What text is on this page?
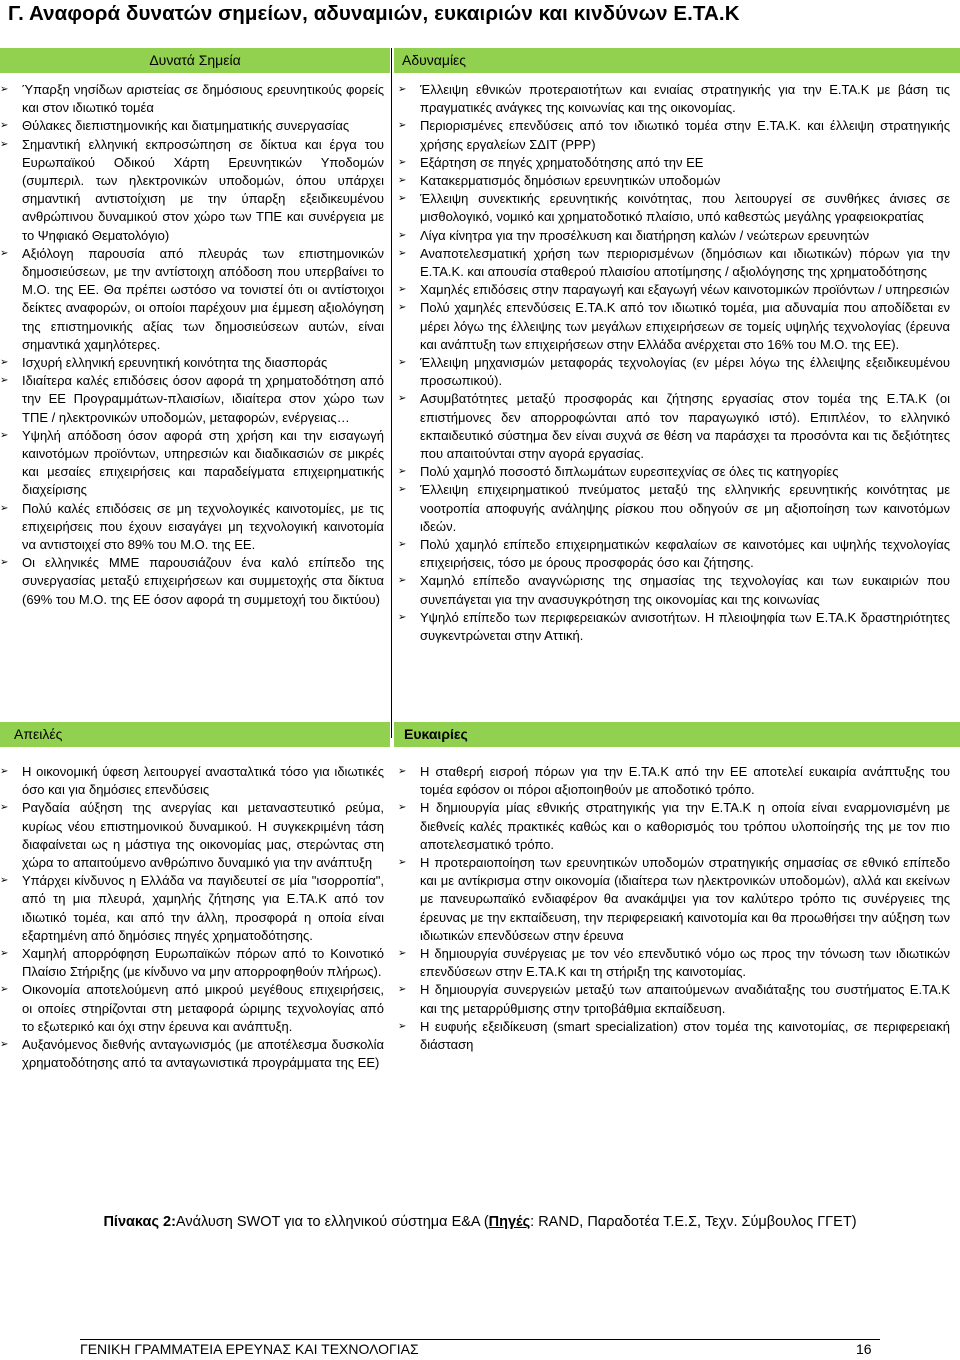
Γ. Αναφορά δυνατών σημείων, αδυναμιών, ευκαιριών και κινδύνων Ε.ΤΑ.Κ
Δυνατά Σημεία	Αδυναμίες
➢ Ύπαρξη νησίδων αριστείας σε δημόσιους ερευνητικούς φορείς και στον ιδιωτικό τομέα
➢ Θύλακες διεπιστημονικής και διατμηματικής συνεργασίας
➢ Σημαντική ελληνική εκπροσώπηση σε δίκτυα και έργα του Ευρωπαϊκού Οδικού Χάρτη Ερευνητικών Υποδομών (συμπεριλ. των ηλεκτρονικών υποδομών, όπου υπάρχει σημαντική αντιστοίχιση με την ύπαρξη εξειδικευμένου ανθρώπινου δυναμικού στον χώρο των ΤΠΕ και συνέργεια με το Ψηφιακό Θεματολόγιο)
➢ Αξιόλογη παρουσία από πλευράς των επιστημονικών δημοσιεύσεων, με την αντίστοιχη απόδοση που υπερβαίνει το Μ.Ο. της ΕΕ. Θα πρέπει ωστόσο να τονιστεί ότι οι αντίστοιχοι δείκτες αναφορών, οι οποίοι παρέχουν μια έμμεση αξιολόγηση της επιστημονικής αξίας των δημοσιεύσεων αυτών, είναι σημαντικά χαμηλότερες.
➢ Ισχυρή ελληνική ερευνητική κοινότητα της διασποράς
➢ Ιδιαίτερα καλές επιδόσεις όσον αφορά τη χρηματοδότηση από την ΕΕ Προγραμμάτων-πλαισίων, ιδιαίτερα στον χώρο των ΤΠΕ / ηλεκτρονικών υποδομών, μεταφορών, ενέργειας…
➢ Υψηλή απόδοση όσον αφορά στη χρήση και την εισαγωγή καινοτόμων προϊόντων, υπηρεσιών και διαδικασιών σε μικρές και μεσαίες επιχειρήσεις και παραδείγματα επιχειρηματικής διαχείρισης
➢ Πολύ καλές επιδόσεις σε μη τεχνολογικές καινοτομίες, με τις επιχειρήσεις που έχουν εισαγάγει μη τεχνολογική καινοτομία να αντιστοιχεί στο 89% του Μ.Ο. της ΕΕ.
➢ Οι ελληνικές ΜΜΕ παρουσιάζουν ένα καλό επίπεδο της συνεργασίας μεταξύ επιχειρήσεων και συμμετοχής στα δίκτυα (69% του Μ.Ο. της ΕΕ όσον αφορά τη συμμετοχή του δικτύου)
➢ Έλλειψη εθνικών προτεραιοτήτων και ενιαίας στρατηγικής για την Ε.ΤΑ.Κ με βάση τις πραγματικές ανάγκες της κοινωνίας και της οικονομίας.
➢ Περιορισμένες επενδύσεις από τον ιδιωτικό τομέα στην Ε.ΤΑ.Κ. και έλλειψη στρατηγικής χρήσης εργαλείων ΣΔΙΤ (PPP)
➢ Εξάρτηση σε πηγές χρηματοδότησης από την ΕΕ
➢ Κατακερματισμός δημόσιων ερευνητικών υποδομών
➢ Έλλειψη συνεκτικής ερευνητικής κοινότητας, που λειτουργεί σε συνθήκες άνισες σε μισθολογικό, νομικό και χρηματοδοτικό πλαίσιο, υπό καθεστώς μεγάλης γραφειοκρατίας
➢ Λίγα κίνητρα για την προσέλκυση και διατήρηση καλών / νεώτερων ερευνητών
➢ Αναποτελεσματική χρήση των περιορισμένων (δημόσιων και ιδιωτικών) πόρων για την Ε.ΤΑ.Κ. και απουσία σταθερού πλαισίου αποτίμησης / αξιολόγησης της χρηματοδότησης
➢ Χαμηλές επιδόσεις στην παραγωγή και εξαγωγή νέων καινοτομικών προϊόντων / υπηρεσιών
➢ Πολύ χαμηλές επενδύσεις Ε.ΤΑ.Κ από τον ιδιωτικό τομέα, μια αδυναμία που αποδίδεται εν μέρει λόγω της έλλειψης των μεγάλων επιχειρήσεων σε τομείς υψηλής τεχνολογίας (έρευνα και ανάπτυξη των επιχειρήσεων στην Ελλάδα ανέρχεται στο 16% του Μ.Ο. της ΕΕ).
➢ Έλλειψη μηχανισμών μεταφοράς τεχνολογίας (εν μέρει λόγω της έλλειψης εξειδικευμένου προσωπικού).
➢ Ασυμβατότητες μεταξύ προσφοράς και ζήτησης εργασίας στον τομέα της Ε.ΤΑ.Κ (οι επιστήμονες δεν απορροφώνται από τον παραγωγικό ιστό). Επιπλέον, το ελληνικό εκπαιδευτικό σύστημα δεν είναι συχνά σε θέση να παράσχει τα προσόντα και τις δεξιότητες που απαιτούνται στην αγορά εργασίας.
➢ Πολύ χαμηλό ποσοστό διπλωμάτων ευρεσιτεχνίας σε όλες τις κατηγορίες
➢ Έλλειψη επιχειρηματικού πνεύματος μεταξύ της ελληνικής ερευνητικής κοινότητας με νοοτροπία αποφυγής ανάληψης ρίσκου που οδηγούν σε μη αξιοποίηση των καινοτόμων ιδεών.
➢ Πολύ χαμηλό επίπεδο επιχειρηματικών κεφαλαίων σε καινοτόμες και υψηλής τεχνολογίας επιχειρήσεις, τόσο με όρους προσφοράς όσο και ζήτησης.
➢ Χαμηλό επίπεδο αναγνώρισης της σημασίας της τεχνολογίας και των ευκαιριών που συνεπάγεται για την ανασυγκρότηση της οικονομίας και της κοινωνίας
➢ Υψηλό επίπεδο των περιφερειακών ανισοτήτων. Η πλειοψηφία των Ε.ΤΑ.Κ δραστηριότητες συγκεντρώνεται στην Αττική.
Απειλές	Ευκαιρίες
➢ Η οικονομική ύφεση λειτουργεί ανασταλτικά τόσο για ιδιωτικές όσο και για δημόσιες επενδύσεις
➢ Ραγδαία αύξηση της ανεργίας και μεταναστευτικό ρεύμα, κυρίως νέου επιστημονικού δυναμικού. Η συγκεκριμένη τάση διαφαίνεται ως η μάστιγα της οικονομίας μας, στερώντας στη χώρα το απαιτούμενο ανθρώπινο δυναμικό για την ανάπτυξη
➢ Υπάρχει κίνδυνος η Ελλάδα να παγιδευτεί σε μία "ισορροπία", από τη μια πλευρά, χαμηλής ζήτησης για Ε.ΤΑ.Κ από τον ιδιωτικό τομέα, και από την άλλη, προσφορά η οποία είναι εξαρτημένη από δημόσιες πηγές χρηματοδότησης.
➢ Χαμηλή απορρόφηση Ευρωπαϊκών πόρων από το Κοινοτικό Πλαίσιο Στήριξης (με κίνδυνο να μην απορροφηθούν πλήρως).
➢ Οικονομία αποτελούμενη από μικρού μεγέθους επιχειρήσεις, οι οποίες στηρίζονται στη μεταφορά ώριμης τεχνολογίας από το εξωτερικό και όχι στην έρευνα και ανάπτυξη.
➢ Αυξανόμενος διεθνής ανταγωνισμός (με αποτέλεσμα δυσκολία χρηματοδότησης από τα ανταγωνιστικά προγράμματα της ΕΕ)
➢ Η σταθερή εισροή πόρων για την Ε.ΤΑ.Κ από την ΕΕ αποτελεί ευκαιρία ανάπτυξης του τομέα εφόσον οι πόροι αξιοποιηθούν με αποδοτικό τρόπο.
➢ Η δημιουργία μίας εθνικής στρατηγικής για την Ε.ΤΑ.Κ η οποία είναι εναρμονισμένη με διεθνείς καλές πρακτικές καθώς και ο καθορισμός του τρόπου υλοποίησής της με τον πιο αποτελεσματικό τρόπο.
➢ Η προτεραιοποίηση των ερευνητικών υποδομών στρατηγικής σημασίας σε εθνικό επίπεδο και με αντίκρισμα στην οικονομία (ιδιαίτερα των ηλεκτρονικών υποδομών), αλλά και εκείνων με πανευρωπαϊκό ενδιαφέρον θα ανακάμψει για τον καλύτερο τρόπο τις συνέργειες της έρευνας με την εκπαίδευση, την περιφερειακή καινοτομία και θα προωθήσει την αύξηση των ιδιωτικών επενδύσεων στην έρευνα
➢ Η δημιουργία συνέργειας με τον νέο επενδυτικό νόμο ως προς την τόνωση των ιδιωτικών επενδύσεων στην Ε.ΤΑ.Κ και τη στήριξη της καινοτομίας.
➢ Η δημιουργία συνεργειών μεταξύ των απαιτούμενων αναδιάταξης του συστήματος Ε.ΤΑ.Κ και της μεταρρύθμισης στην τριτοβάθμια εκπαίδευση.
➢ Η ευφυής εξειδίκευση (smart specialization) στον τομέα της καινοτομίας, σε περιφερειακή διάσταση
Πίνακας 2:Ανάλυση SWOT για το ελληνικού σύστημα Ε&Α (Πηγές: RAND, Παραδοτέα Τ.Ε.Σ, Τεχν. Σύμβουλος ΓΓΕΤ)
ΓΕΝΙΚΗ ΓΡΑΜΜΑΤΕΙΑ ΕΡΕΥΝΑΣ ΚΑΙ ΤΕΧΝΟΛΟΓΙΑΣ	16
